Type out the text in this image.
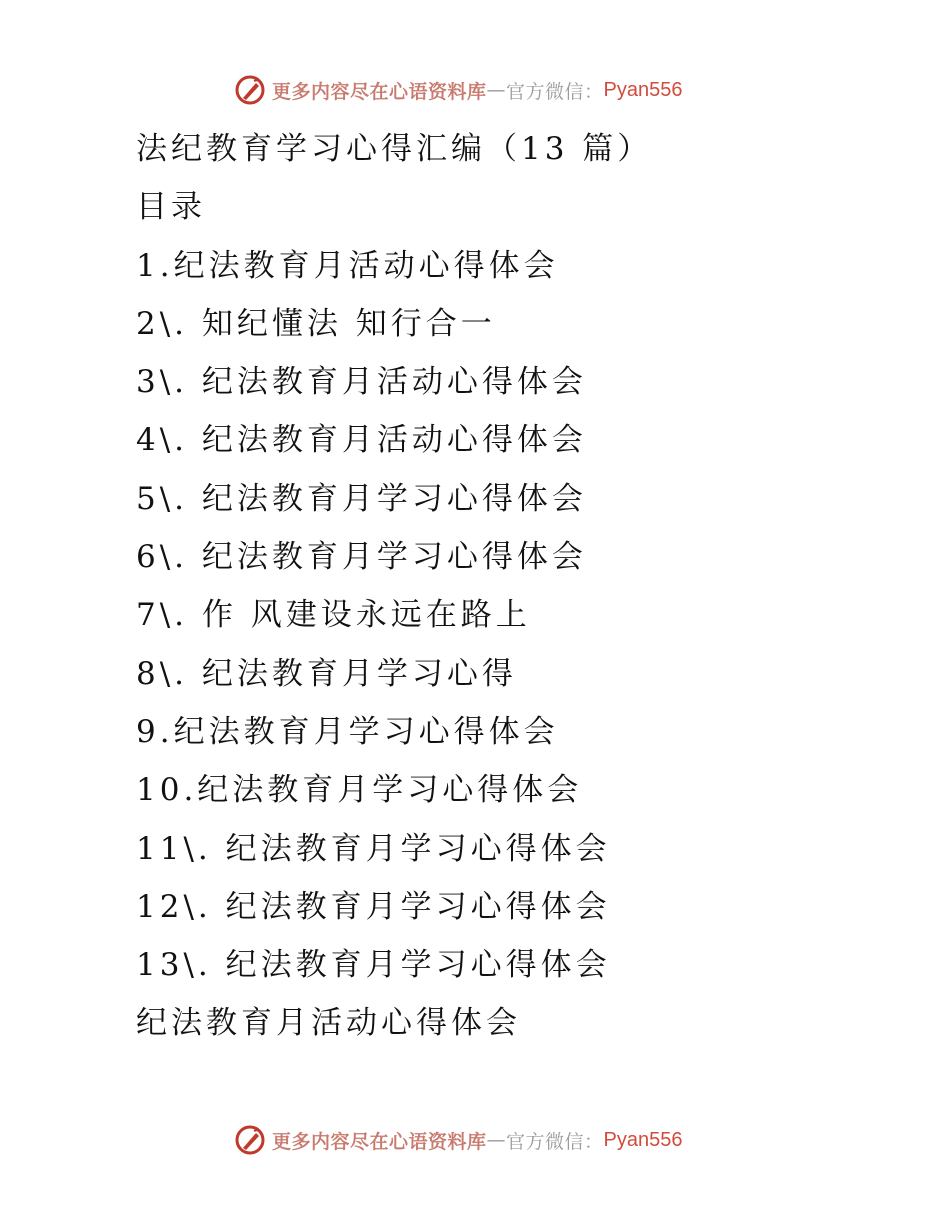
更多内容尽在心语资料库 — 官方微信： Pyan556
法纪教育学习心得汇编（13 篇）
目录
1.纪法教育月活动心得体会
2\. 知纪懂法 知行合一
3\. 纪法教育月活动心得体会
4\. 纪法教育月活动心得体会
5\. 纪法教育月学习心得体会
6\. 纪法教育月学习心得体会
7\. 作 风建设永远在路上
8\. 纪法教育月学习心得
9.纪法教育月学习心得体会
10.纪法教育月学习心得体会
11\. 纪法教育月学习心得体会
12\. 纪法教育月学习心得体会
13\. 纪法教育月学习心得体会
纪法教育月活动心得体会
更多内容尽在心语资料库 — 官方微信： Pyan556
